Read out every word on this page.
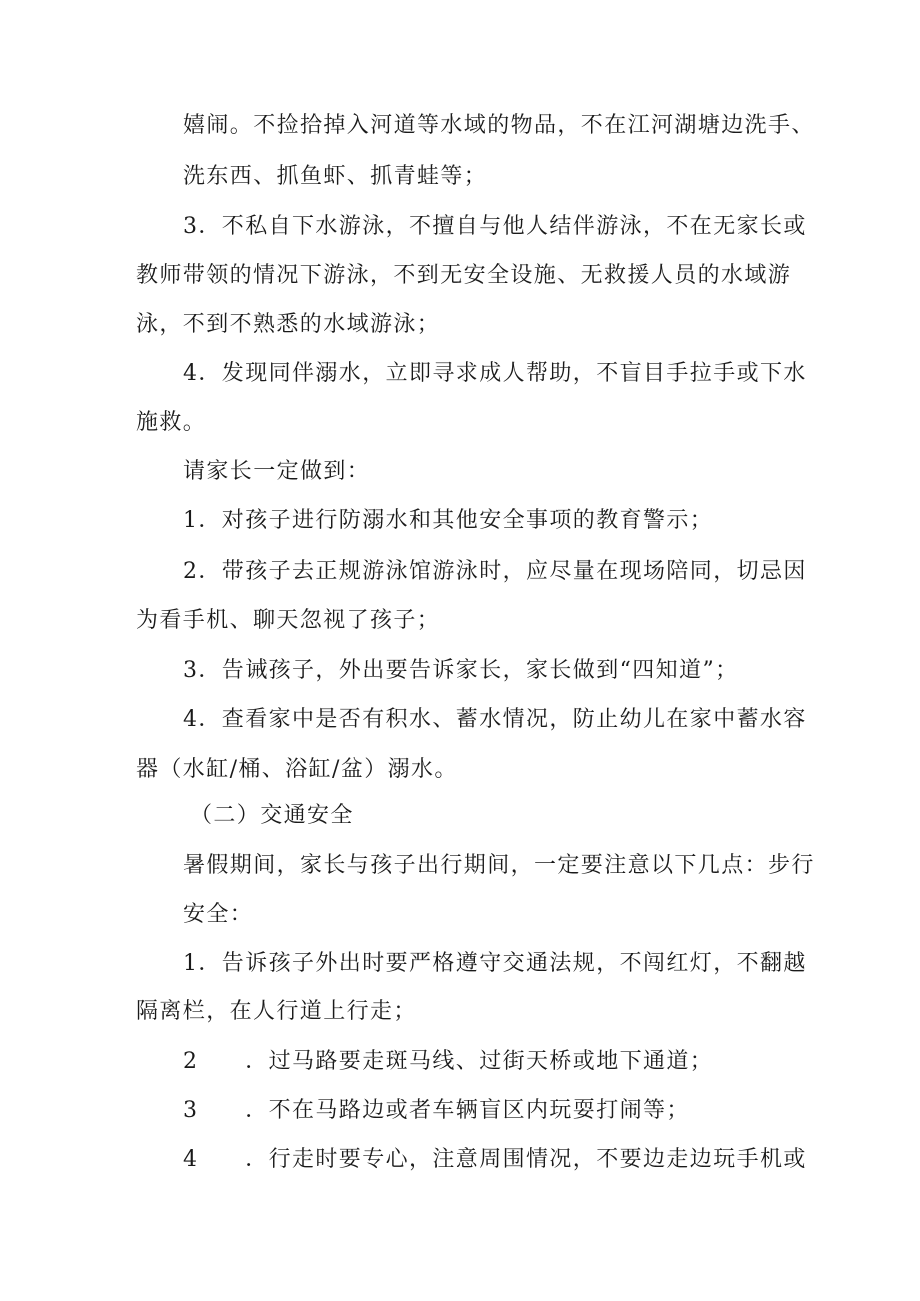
嬉闹。不捡拾掉入河道等水域的物品，不在江河湖塘边洗手、
洗东西、抓鱼虾、抓青蛙等；
3．不私自下水游泳，不擅自与他人结伴游泳，不在无家长或
教师带领的情况下游泳，不到无安全设施、无救援人员的水域游
泳，不到不熟悉的水域游泳；
4．发现同伴溺水，立即寻求成人帮助，不盲目手拉手或下水
施救。
请家长一定做到：
1．对孩子进行防溺水和其他安全事项的教育警示；
2．带孩子去正规游泳馆游泳时，应尽量在现场陪同，切忌因
为看手机、聊天忽视了孩子；
3．告诫孩子，外出要告诉家长，家长做到“四知道”；
4．查看家中是否有积水、蓄水情况，防止幼儿在家中蓄水容
器（水缸/桶、浴缸/盆）溺水。
（二）交通安全
暑假期间，家长与孩子出行期间，一定要注意以下几点：步行
安全：
1．告诉孩子外出时要严格遵守交通法规，不闯红灯，不翻越
隔离栏，在人行道上行走；
2　　．过马路要走斑马线、过街天桥或地下通道；
3　　．不在马路边或者车辆盲区内玩耍打闹等；
4　　．行走时要专心，注意周围情况，不要边走边玩手机或
